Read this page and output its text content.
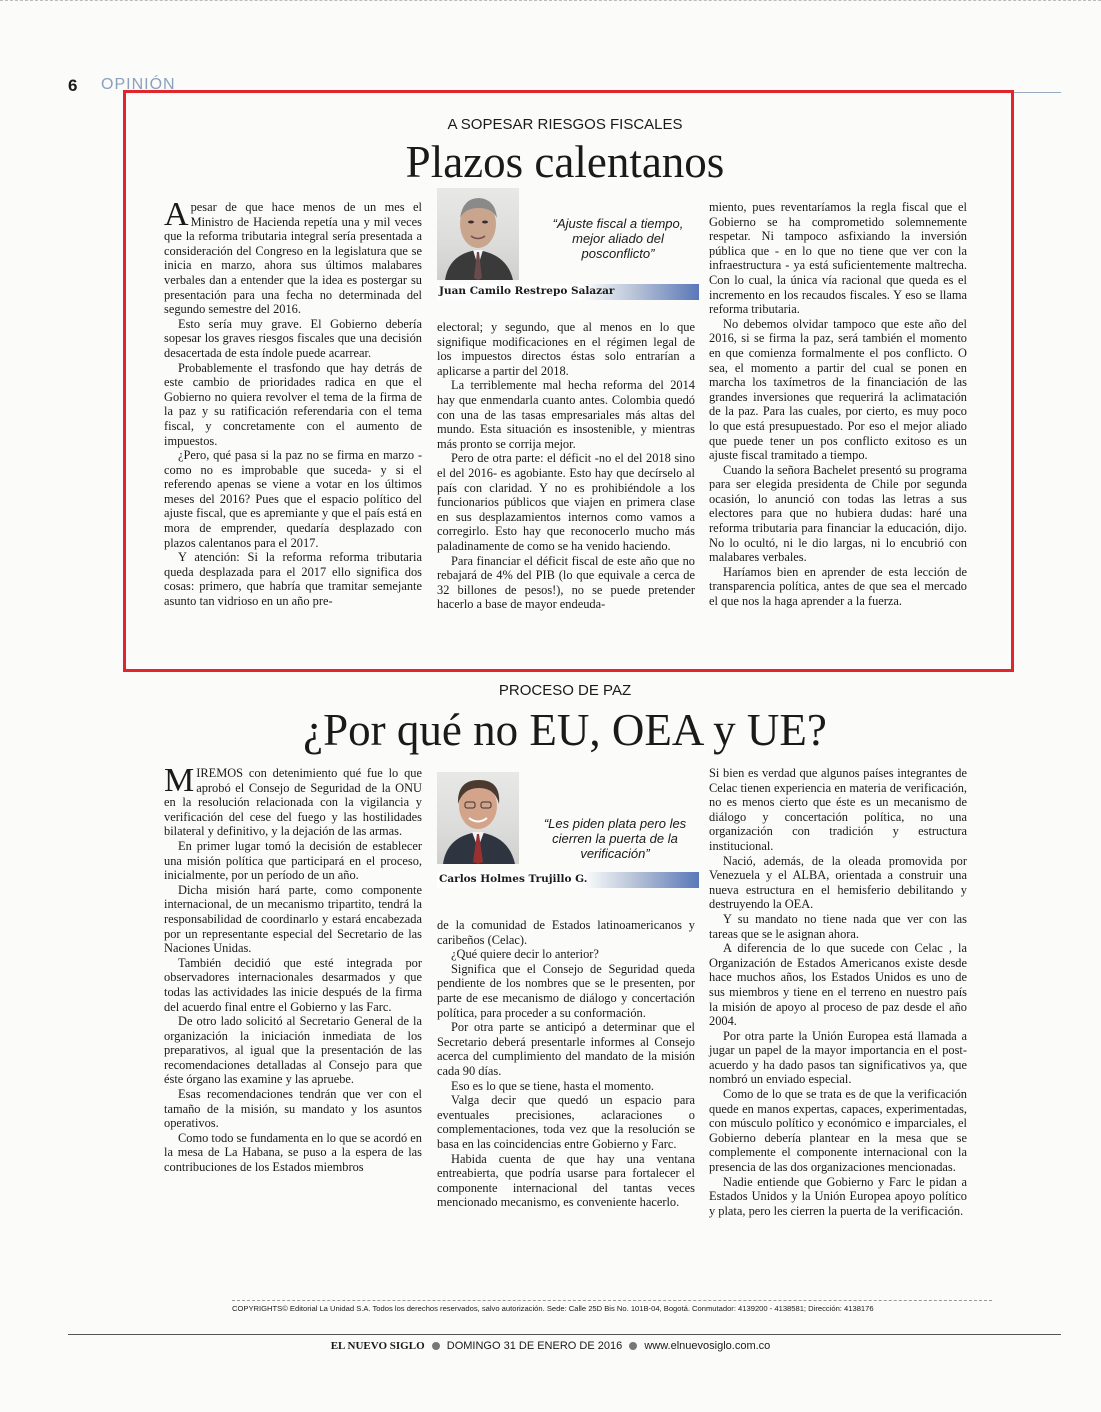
6 OPINIÓN
A SOPESAR RIESGOS FISCALES
Plazos calentanos

Apesar de que hace menos de un mes el Ministro de Hacienda repetía una y mil veces que la reforma tributaria integral sería presentada a consideración del Congreso en la legislatura que se inicia en marzo, ahora sus últimos malabares verbales dan a entender que la idea es postergar su presentación para una fecha no determinada del segundo semestre del 2016.

Esto sería muy grave. El Gobierno debería sopesar los graves riesgos fiscales que una decisión desacertada de esta índole puede acarrear.

Probablemente el trasfondo que hay detrás de este cambio de prioridades radica en que el Gobierno no quiera revolver el tema de la firma de la paz y su ratificación referendaria con el tema fiscal, y concretamente con el aumento de impuestos.

¿Pero, qué pasa si la paz no se firma en marzo -como no es improbable que suceda- y si el referendo apenas se viene a votar en los últimos meses del 2016? Pues que el espacio político del ajuste fiscal, que es apremiante y que el país está en mora de emprender, quedaría desplazado con plazos calentanos para el 2017.

Y atención: Si la reforma reforma tributaria queda desplazada para el 2017 ello significa dos cosas: primero, que habría que tramitar semejante asunto tan vidrioso en un año pre-

“Ajuste fiscal a tiempo, mejor aliado del posconflicto”
Juan Camilo Restrepo Salazar

electoral; y segundo, que al menos en lo que signifique modificaciones en el régimen legal de los impuestos directos éstas solo entrarían a aplicarse a partir del 2018.

La terriblemente mal hecha reforma del 2014 hay que enmendarla cuanto antes. Colombia quedó con una de las tasas empresariales más altas del mundo. Esta situación es insostenible, y mientras más pronto se corrija mejor.

Pero de otra parte: el déficit -no el del 2018 sino el del 2016- es agobiante. Esto hay que decírselo al país con claridad. Y no es prohibiéndole a los funcionarios públicos que viajen en primera clase en sus desplazamientos internos como vamos a corregirlo. Esto hay que reconocerlo mucho más paladinamente de como se ha venido haciendo.

Para financiar el déficit fiscal de este año que no rebajará de 4% del PIB (lo que equivale a cerca de 32 billones de pesos!), no se puede pretender hacerlo a base de mayor endeuda-

miento, pues reventaríamos la regla fiscal que el Gobierno se ha comprometido solemnemente respetar. Ni tampoco asfixiando la inversión pública que - en lo que no tiene que ver con la infraestructura - ya está suficientemente maltrecha. Con lo cual, la única vía racional que queda es el incremento en los recaudos fiscales. Y eso se llama reforma tributaria.

No debemos olvidar tampoco que este año del 2016, si se firma la paz, será también el momento en que comienza formalmente el pos conflicto. O sea, el momento a partir del cual se ponen en marcha los taxímetros de la financiación de las grandes inversiones que requerirá la aclimatación de la paz. Para las cuales, por cierto, es muy poco lo que está presupuestado. Por eso el mejor aliado que puede tener un pos conflicto exitoso es un ajuste fiscal tramitado a tiempo.

Cuando la señora Bachelet presentó su programa para ser elegida presidenta de Chile por segunda ocasión, lo anunció con todas las letras a sus electores para que no hubiera dudas: haré una reforma tributaria para financiar la educación, dijo. No lo ocultó, ni le dio largas, ni lo encubrió con malabares verbales.

Haríamos bien en aprender de esta lección de transparencia política, antes de que sea el mercado el que nos la haga aprender a la fuerza.

PROCESO DE PAZ
¿Por qué no EU, OEA y UE?

MIREMOS con detenimiento qué fue lo que aprobó el Consejo de Seguridad de la ONU en la resolución relacionada con la vigilancia y verificación del cese del fuego y las hostilidades bilateral y definitivo, y la dejación de las armas.

En primer lugar tomó la decisión de establecer una misión política que participará en el proceso, inicialmente, por un período de un año.

Dicha misión hará parte, como componente internacional, de un mecanismo tripartito, tendrá la responsabilidad de coordinarlo y estará encabezada por un representante especial del Secretario de las Naciones Unidas.

También decidió que esté integrada por observadores internacionales desarmados y que todas las actividades las inicie después de la firma del acuerdo final entre el Gobierno y las Farc.

De otro lado solicitó al Secretario General de la organización la iniciación inmediata de los preparativos, al igual que la presentación de las recomendaciones detalladas al Consejo para que éste órgano las examine y las apruebe.

Esas recomendaciones tendrán que ver con el tamaño de la misión, su mandato y los asuntos operativos.

Como todo se fundamenta en lo que se acordó en la mesa de La Habana, se puso a la espera de las contribuciones de los Estados miembros

“Les piden plata pero les cierren la puerta de la verificación”
Carlos Holmes Trujillo G.

de la comunidad de Estados latinoamericanos y caribeños (Celac).

¿Qué quiere decir lo anterior?

Significa que el Consejo de Seguridad queda pendiente de los nombres que se le presenten, por parte de ese mecanismo de diálogo y concertación política, para proceder a su conformación.

Por otra parte se anticipó a determinar que el Secretario deberá presentarle informes al Consejo acerca del cumplimiento del mandato de la misión cada 90 días.

Eso es lo que se tiene, hasta el momento.

Valga decir que quedó un espacio para eventuales precisiones, aclaraciones o complementaciones, toda vez que la resolución se basa en las coincidencias entre Gobierno y Farc.

Habida cuenta de que hay una ventana entreabierta, que podría usarse para fortalecer el componente internacional del tantas veces mencionado mecanismo, es conveniente hacerlo.

Si bien es verdad que algunos países integrantes de Celac tienen experiencia en materia de verificación, no es menos cierto que éste es un mecanismo de diálogo y concertación política, no una organización con tradición y estructura institucional.

Nació, además, de la oleada promovida por Venezuela y el ALBA, orientada a construir una nueva estructura en el hemisferio debilitando y destruyendo la OEA.

Y su mandato no tiene nada que ver con las tareas que se le asignan ahora.

A diferencia de lo que sucede con Celac , la Organización de Estados Americanos existe desde hace muchos años, los Estados Unidos es uno de sus miembros y tiene en el terreno en nuestro país la misión de apoyo al proceso de paz desde el año 2004.

Por otra parte la Unión Europea está llamada a jugar un papel de la mayor importancia en el post-acuerdo y ha dado pasos tan significativos ya, que nombró un enviado especial.

Como de lo que se trata es de que la verificación quede en manos expertas, capaces, experimentadas, con músculo político y económico e imparciales, el Gobierno debería plantear en la mesa que se complemente el componente internacional con la presencia de las dos organizaciones mencionadas.

Nadie entiende que Gobierno y Farc le pidan a Estados Unidos y la Unión Europea apoyo político y plata, pero les cierren la puerta de la verificación.

COPYRIGHTS© Editorial La Unidad S.A. Todos los derechos reservados, salvo autorización. Sede: Calle 25D Bis No. 101B-04, Bogotá. Conmutador: 4139200 - 4138581; Dirección: 4138176
EL NUEVO SIGLO DOMINGO 31 DE ENERO DE 2016 www.elnuevosiglo.com.co
